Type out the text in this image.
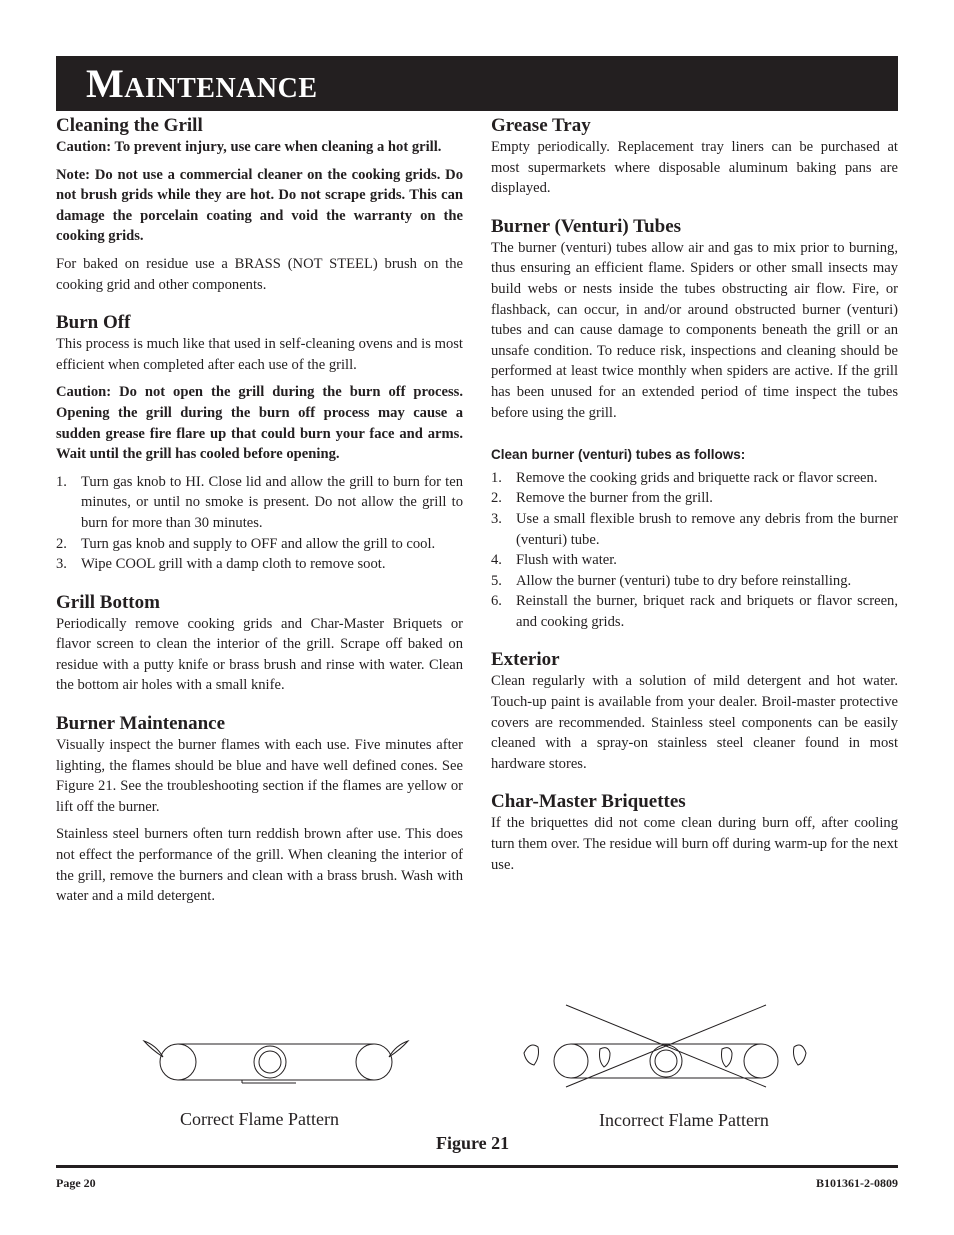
Maintenance
Cleaning the Grill

Caution: To prevent injury, use care when cleaning a hot grill.

Note: Do not use a commercial cleaner on the cooking grids. Do not brush grids while they are hot. Do not scrape grids. This can damage the porcelain coating and void the warranty on the cooking grids.

For baked on residue use a BRASS (NOT STEEL) brush on the cooking grid and other components.

Burn Off

This process is much like that used in self-cleaning ovens and is most efficient when completed after each use of the grill.

Caution: Do not open the grill during the burn off process. Opening the grill during the burn off process may cause a sudden grease fire flare up that could burn your face and arms. Wait until the grill has cooled before opening.

1. Turn gas knob to HI. Close lid and allow the grill to burn for ten minutes, or until no smoke is present. Do not allow the grill to burn for more than 30 minutes.
2. Turn gas knob and supply to OFF and allow the grill to cool.
3. Wipe COOL grill with a damp cloth to remove soot.
Grill Bottom

Periodically remove cooking grids and Char-Master Briquets or flavor screen to clean the interior of the grill. Scrape off baked on residue with a putty knife or brass brush and rinse with water. Clean the bottom air holes with a small knife.

Burner Maintenance

Visually inspect the burner flames with each use. Five minutes after lighting, the flames should be blue and have well defined cones. See Figure 21. See the troubleshooting section if the flames are yellow or lift off the burner.

Stainless steel burners often turn reddish brown after use. This does not effect the performance of the grill. When cleaning the interior of the grill, remove the burners and clean with a brass brush. Wash with water and a mild detergent.

Grease Tray

Empty periodically. Replacement tray liners can be purchased at most supermarkets where disposable aluminum baking pans are displayed.

Burner (Venturi) Tubes

The burner (venturi) tubes allow air and gas to mix prior to burning, thus ensuring an efficient flame. Spiders or other small insects may build webs or nests inside the tubes obstructing air flow. Fire, or flashback, can occur, in and/or around obstructed burner (venturi) tubes and can cause damage to components beneath the grill or an unsafe condition. To reduce risk, inspections and cleaning should be performed at least twice monthly when spiders are active. If the grill has been unused for an extended period of time inspect the tubes before using the grill.

Clean burner (venturi) tubes as follows:
1. Remove the cooking grids and briquette rack or flavor screen.
2. Remove the burner from the grill.
3. Use a small flexible brush to remove any debris from the burner (venturi) tube.
4. Flush with water.
5. Allow the burner (venturi) tube to dry before reinstalling.
6. Reinstall the burner, briquet rack and briquets or flavor screen, and cooking grids.
Exterior

Clean regularly with a solution of mild detergent and hot water. Touch-up paint is available from your dealer. Broil-master protective covers are recommended. Stainless steel components can be easily cleaned with a spray-on stainless steel cleaner found in most hardware stores.

Char-Master Briquettes

If the briquettes did not come clean during burn off, after cooling turn them over. The residue will burn off during warm-up for the next use.

Correct Flame Pattern	Incorrect Flame Pattern
Figure 21
Page 20	B101361-2-0809
